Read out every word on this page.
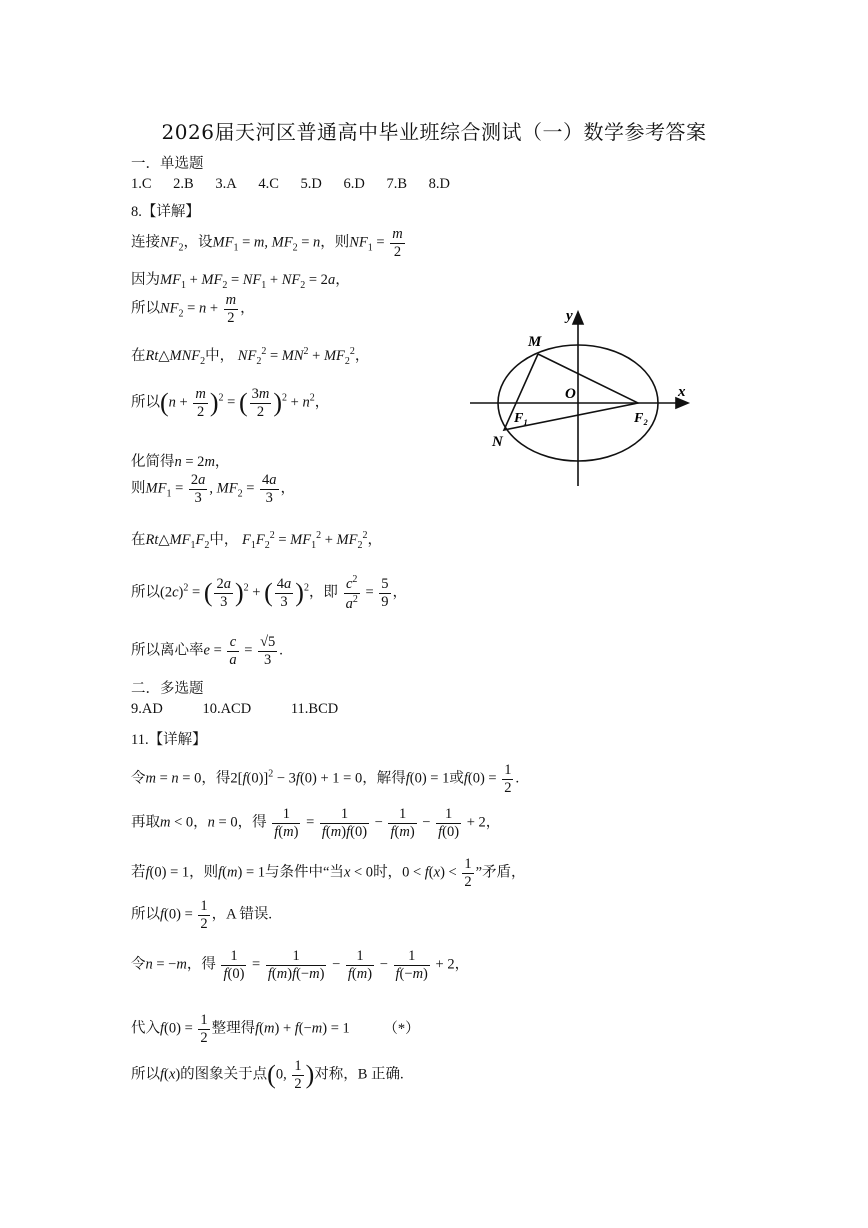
2026届天河区普通高中毕业班综合测试（一）数学参考答案
一．单选题
1.C 2.B 3.A 4.C 5.D 6.D 7.B 8.D
8.【详解】
连接$NF_2$，设$MF_1 = m$, $MF_2 = n$，则$NF_1 = \frac{m}{2}$
因为$MF_1 + MF_2 = NF_1 + NF_2 = 2a$，
所以$NF_2 = n + \frac{m}{2}$ ，
在$Rt\triangle MNF_2$中， $NF_2^2 = MN^2 + MF_2^2$，
所以$(n + \frac{m}{2} )^2$ = ( $\frac{3m}{2} )^2 + n^2$，
化简得n = 2m，
则$MF_1 = \frac{2a}{3}$ , $MF_2 = \frac{4a}{3}$ ，
在$Rt\triangle MF_1F_2$中， $F_1F_2^2 = MF_1^2 + MF_2^2$，
所以$(2c)^2$ = ( $\frac{2a}{3} )^2$ + ( $\frac{4a}{3} )^2$，即 $\frac{c^2}{a^2} = \frac{5}{9}$ ，
所以离心率$e = \frac{c}{a} = \frac{√5}{3}$ .
y
M
O	x
F₁	F₂
N
二．多选题
9.AD	10.ACD	11.BCD
11.【详解】
令m = n = 0，得$2[f(0)]^2 - 3f(0) + 1 = 0$，解得f(0) = 1或$f(0) = \frac{1}{2}$ .
再取m < 0，n = 0，得 $\frac{1}{f(m)} = \frac{1}{f(m)f(0)} - \frac{1}{f(m)} - \frac{1}{f(0)} + 2$，
若f(0) = 1，则f(m) = 1与条件中“当x < 0时，$0 < f(x) < \frac{1}{2}$ ”矛盾，
所以$f(0) = \frac{1}{2}$ ，A 错误.
令n = −m，得 $\frac{1}{f(0)} = \frac{1}{f(m)f(-m)} - \frac{1}{f(m)} - \frac{1}{f(-m)} + 2$，
代入$f(0) = \frac{1}{2}$ 整理得f(m) + f(−m) = 1 （*）
所以f(x)的图象关于点(0, $\frac{1}{2}$ )对称，B 正确.
